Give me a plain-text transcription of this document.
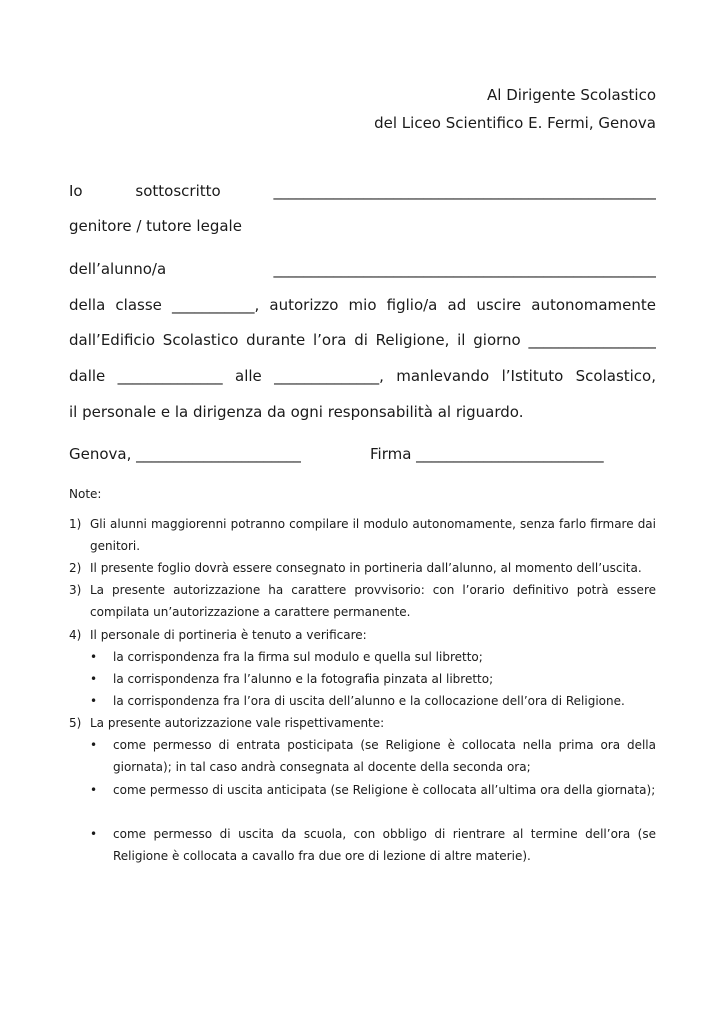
Al Dirigente Scolastico
del Liceo Scientifico E. Fermi, Genova
Io sottoscritto ___________________________________________________
genitore / tutore legale
dell’alunno/a ___________________________________________________
della classe ___________, autorizzo mio figlio/a ad uscire autonomamente
dall’Edificio Scolastico durante l’ora di Religione, il giorno _________________
dalle ______________ alle ______________, manlevando l’Istituto Scolastico,
il personale e la dirigenza da ogni responsabilità al riguardo.
Genova, ______________________	Firma _________________________
Note:
1) Gli alunni maggiorenni potranno compilare il modulo autonomamente, senza farlo firmare dai genitori.
2) Il presente foglio dovrà essere consegnato in portineria dall’alunno, al momento dell’uscita.
3) La presente autorizzazione ha carattere provvisorio: con l’orario definitivo potrà essere compilata un’autorizzazione a carattere permanente.
4) Il personale di portineria è tenuto a verificare:
• la corrispondenza fra la firma sul modulo e quella sul libretto;
• la corrispondenza fra l’alunno e la fotografia pinzata al libretto;
• la corrispondenza fra l’ora di uscita dell’alunno e la collocazione dell’ora di Religione.
5) La presente autorizzazione vale rispettivamente:
• come permesso di entrata posticipata (se Religione è collocata nella prima ora della giornata); in tal caso andrà consegnata al docente della seconda ora;
• come permesso di uscita anticipata (se Religione è collocata all’ultima ora della giornata);
• come permesso di uscita da scuola, con obbligo di rientrare al termine dell’ora (se Religione è collocata a cavallo fra due ore di lezione di altre materie).
